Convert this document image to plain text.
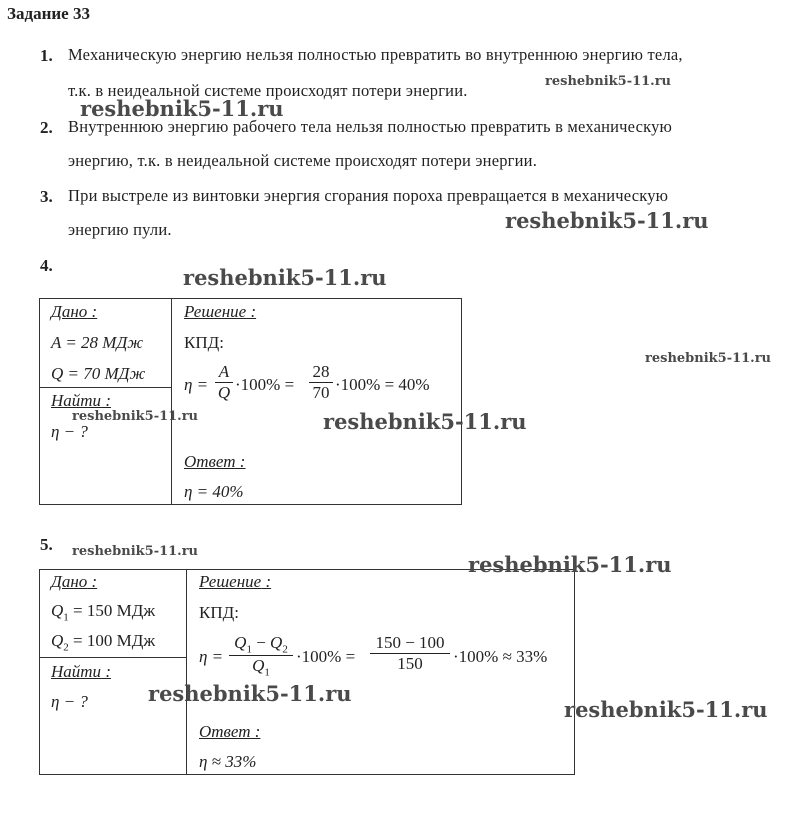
Задание 33
1. Механическую энергию нельзя полностью превратить во внутреннюю энергию тела,
т.к. в неидеальной системе происходят потери энергии.
2. Внутреннюю энергию рабочего тела нельзя полностью превратить в механическую
энергию, т.к. в неидеальной системе происходят потери энергии.
3. При выстреле из винтовки энергия сгорания пороха превращается в механическую
энергию пули.
4.
Дано :
A = 28 МДж
Q = 70 МДж
Найти :
η − ?
Решение :
КПД:
$\eta = \frac{A}{Q} \cdot 100\% = \frac{28}{70} \cdot 100\% = 40\%$
Ответ :
η = 40%
5.
Дано :
$Q_1 = 150$ МДж
$Q_2 = 100$ МДж
Найти :
η − ?
Решение :
КПД:
$\eta = \frac{Q_1 - Q_2}{Q_1} \cdot 100\% = \frac{150 - 100}{150} \cdot 100\% \approx 33\%$
Ответ :
η ≈ 33%
reshebnik5-11.ru
reshebnik5-11.ru
reshebnik5-11.ru
reshebnik5-11.ru
reshebnik5-11.ru
reshebnik5-11.ru	reshebnik5-11.ru
reshebnik5-11.ru
reshebnik5-11.ru
reshebnik5-11.ru
reshebnik5-11.ru
